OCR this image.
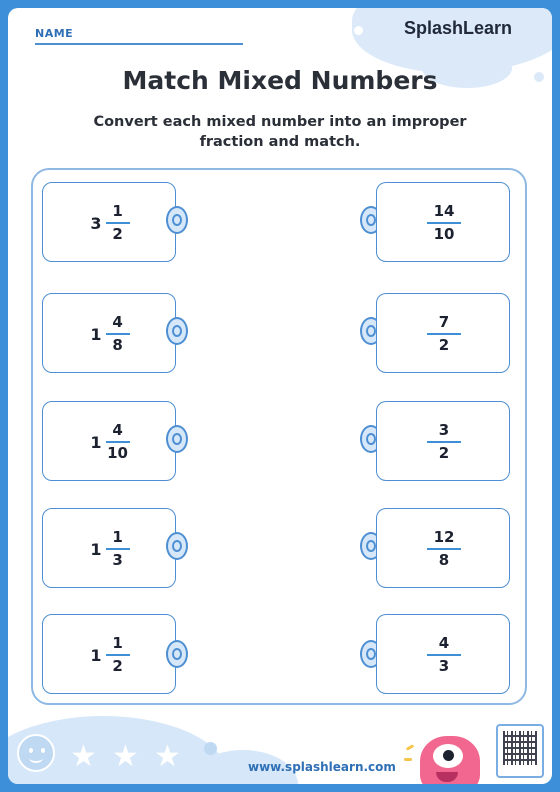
NAME	SplashLearn
Match Mixed Numbers
Convert each mixed number into an improper fraction and match.
$3 \frac{1}{2}$
$1 \frac{4}{8}$
$1 \frac{4}{10}$
$1 \frac{1}{3}$
$1 \frac{1}{2}$
$\frac{14}{10}$
$\frac{7}{2}$
$\frac{3}{2}$
$\frac{12}{8}$
$\frac{4}{3}$
★ ★ ★	www.splashlearn.com
